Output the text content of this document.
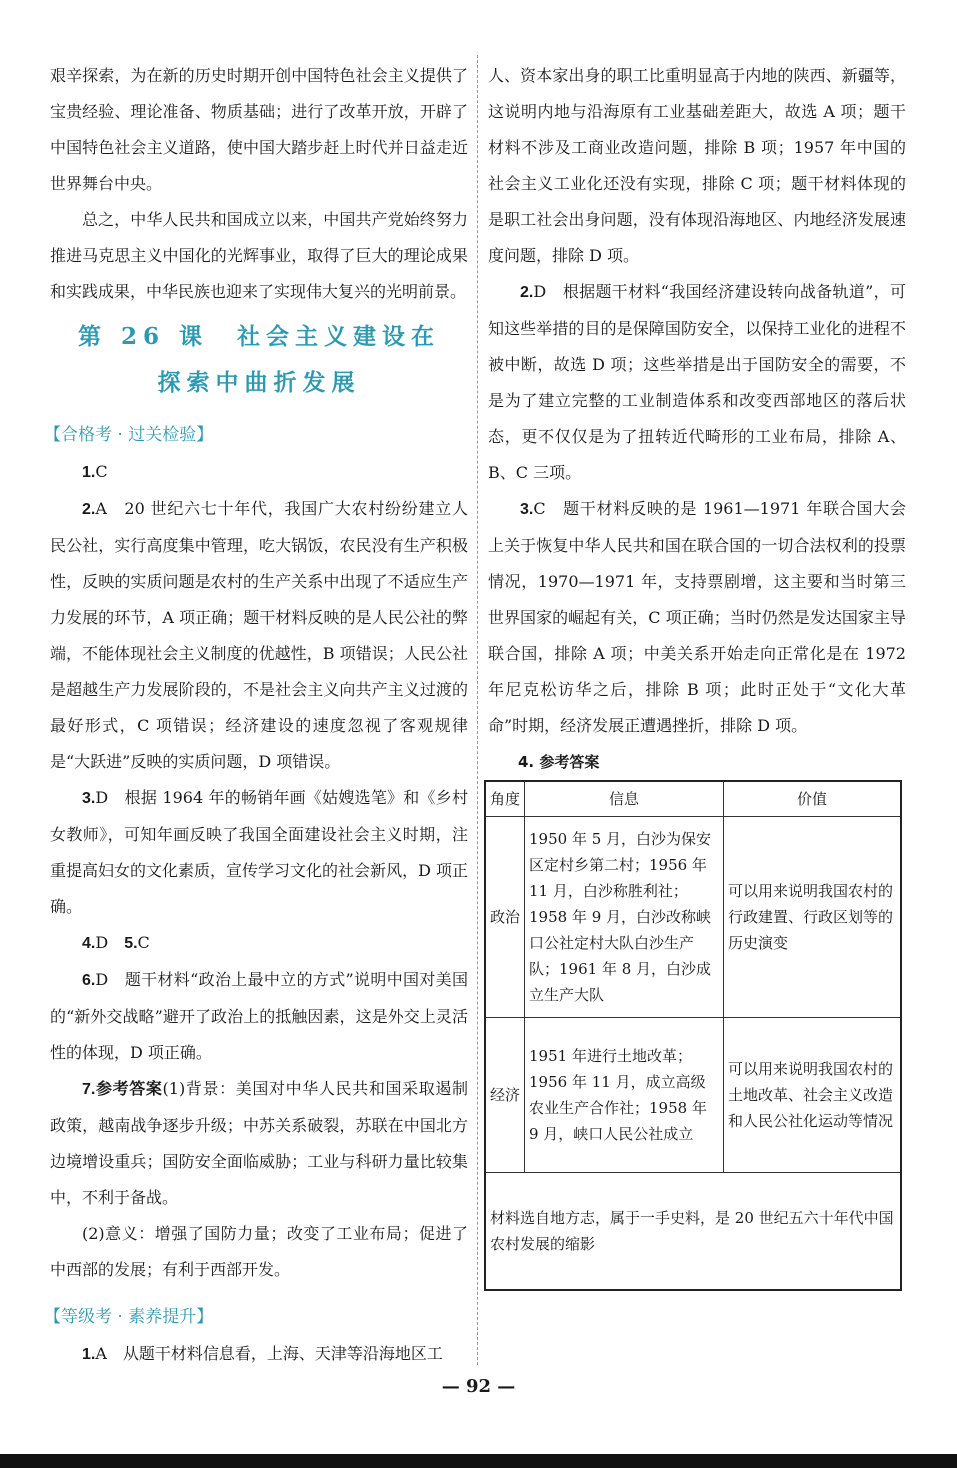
艰辛探索，为在新的历史时期开创中国特色社会主义提供了宝贵经验、理论准备、物质基础；进行了改革开放，开辟了中国特色社会主义道路，使中国大踏步赶上时代并日益走近世界舞台中央。

总之，中华人民共和国成立以来，中国共产党始终努力推进马克思主义中国化的光辉事业，取得了巨大的理论成果和实践成果，中华民族也迎来了实现伟大复兴的光明前景。

第 26 课　社会主义建设在
探索中曲折发展
【合格考 · 过关检验】

1.C

2.A　20 世纪六七十年代，我国广大农村纷纷建立人民公社，实行高度集中管理，吃大锅饭，农民没有生产积极性，反映的实质问题是农村的生产关系中出现了不适应生产力发展的环节，A 项正确；题干材料反映的是人民公社的弊端，不能体现社会主义制度的优越性，B 项错误；人民公社是超越生产力发展阶段的，不是社会主义向共产主义过渡的最好形式，C 项错误；经济建设的速度忽视了客观规律是“大跃进”反映的实质问题，D 项错误。

3.D　根据 1964 年的畅销年画《姑嫂选笔》和《乡村女教师》，可知年画反映了我国全面建设社会主义时期，注重提高妇女的文化素质，宣传学习文化的社会新风，D 项正确。

4.D　 5.C

6.D　题干材料“政治上最中立的方式”说明中国对美国的“新外交战略”避开了政治上的抵触因素，这是外交上灵活性的体现，D 项正确。

7.参考答案(1)背景：美国对中华人民共和国采取遏制政策，越南战争逐步升级；中苏关系破裂，苏联在中国北方边境增设重兵；国防安全面临威胁；工业与科研力量比较集中，不利于备战。

(2)意义：增强了国防力量；改变了工业布局；促进了中西部的发展；有利于西部开发。

【等级考 · 素养提升】

1.A　从题干材料信息看，上海、天津等沿海地区工

人、资本家出身的职工比重明显高于内地的陕西、新疆等，这说明内地与沿海原有工业基础差距大，故选 A 项；题干材料不涉及工商业改造问题，排除 B 项；1957 年中国的社会主义工业化还没有实现，排除 C 项；题干材料体现的是职工社会出身问题，没有体现沿海地区、内地经济发展速度问题，排除 D 项。

2.D　根据题干材料“我国经济建设转向战备轨道”，可知这些举措的目的是保障国防安全，以保持工业化的进程不被中断，故选 D 项；这些举措是出于国防安全的需要，不是为了建立完整的工业制造体系和改变西部地区的落后状态，更不仅仅是为了扭转近代畸形的工业布局，排除 A、B、C 三项。

3.C　题干材料反映的是 1961—1971 年联合国大会上关于恢复中华人民共和国在联合国的一切合法权利的投票情况，1970—1971 年，支持票剧增，这主要和当时第三世界国家的崛起有关，C 项正确；当时仍然是发达国家主导联合国，排除 A 项；中美关系开始走向正常化是在 1972 年尼克松访华之后，排除 B 项；此时正处于“文化大革命”时期，经济发展正遭遇挫折，排除 D 项。

4. 参考答案

角度	信息	价值
政治	1950 年 5 月，白沙为保安区定村乡第二村；1956 年 11 月，白沙称胜利社；1958 年 9 月，白沙改称峡口公社定村大队白沙生产队；1961 年 8 月，白沙成立生产大队	可以用来说明我国农村的行政建置、行政区划等的历史演变
经济	1951 年进行土地改革；1956 年 11 月，成立高级农业生产合作社；1958 年 9 月，峡口人民公社成立	可以用来说明我国农村的土地改革、社会主义改造和人民公社化运动等情况
材料选自地方志，属于一手史料，是 20 世纪五六十年代中国农村发展的缩影		
— 92 —
